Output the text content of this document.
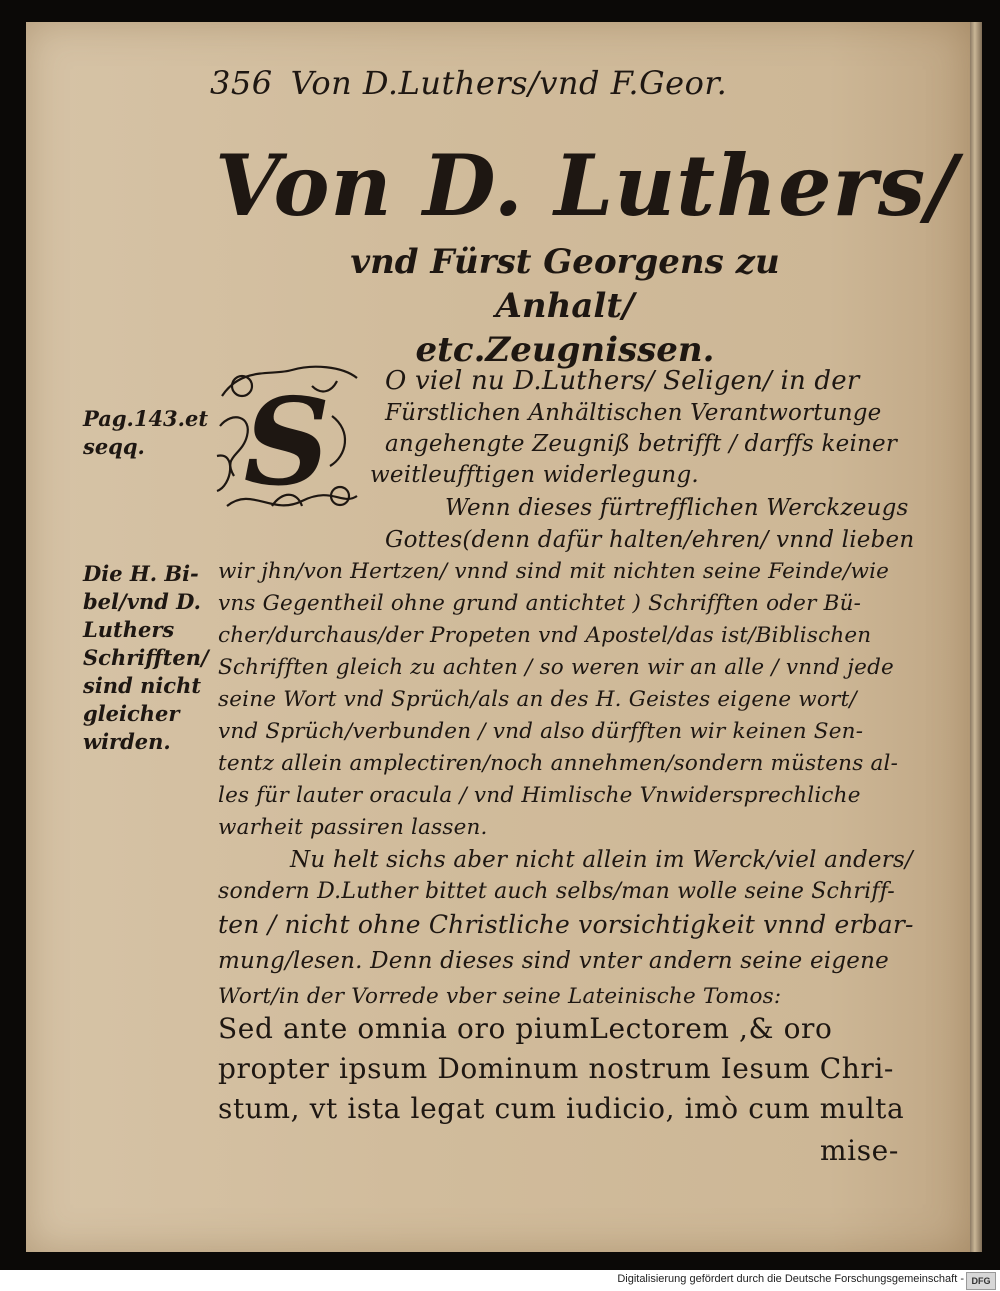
356 Von D.Luthers/vnd F.Geor.
Von D. Luthers/
vnd Fürst Georgens zu Anhalt/
etc.Zeugnissen.
S
Pag.143.et
seqq.
Die H. Bi-
bel/vnd D.
Luthers
Schrifften/
sind nicht
gleicher
wirden.
O viel nu D.Luthers/ Seligen/ in der
Fürstlichen Anhältischen Verantwortunge
angehengte Zeugniß betrifft / darffs keiner
weitleufftigen widerlegung.
Wenn dieses fürtrefflichen Werckzeugs
Gottes(denn dafür halten/ehren/ vnnd lieben
wir jhn/von Hertzen/ vnnd sind mit nichten seine Feinde/wie
vns Gegentheil ohne grund antichtet ) Schrifften oder Bü-
cher/durchaus/der Propeten vnd Apostel/das ist/Biblischen
Schrifften gleich zu achten / so weren wir an alle / vnnd jede
seine Wort vnd Sprüch/als an des H. Geistes eigene wort/
vnd Sprüch/verbunden / vnd also dürfften wir keinen Sen-
tentz allein amplectiren/noch annehmen/sondern müstens al-
les für lauter oracula / vnd Himlische Vnwidersprechliche
warheit passiren lassen.
Nu helt sichs aber nicht allein im Werck/viel anders/
sondern D.Luther bittet auch selbs/man wolle seine Schriff-
ten / nicht ohne Christliche vorsichtigkeit vnnd erbar-
mung/lesen. Denn dieses sind vnter andern seine eigene
Wort/in der Vorrede vber seine Lateinische Tomos:
Sed ante omnia oro piumLectorem ,& oro
propter ipsum Dominum nostrum Iesum Chri-
stum, vt ista legat cum iudicio, imò cum multa
mise-
Digitalisierung gefördert durch die Deutsche Forschungsgemeinschaft - DFG
